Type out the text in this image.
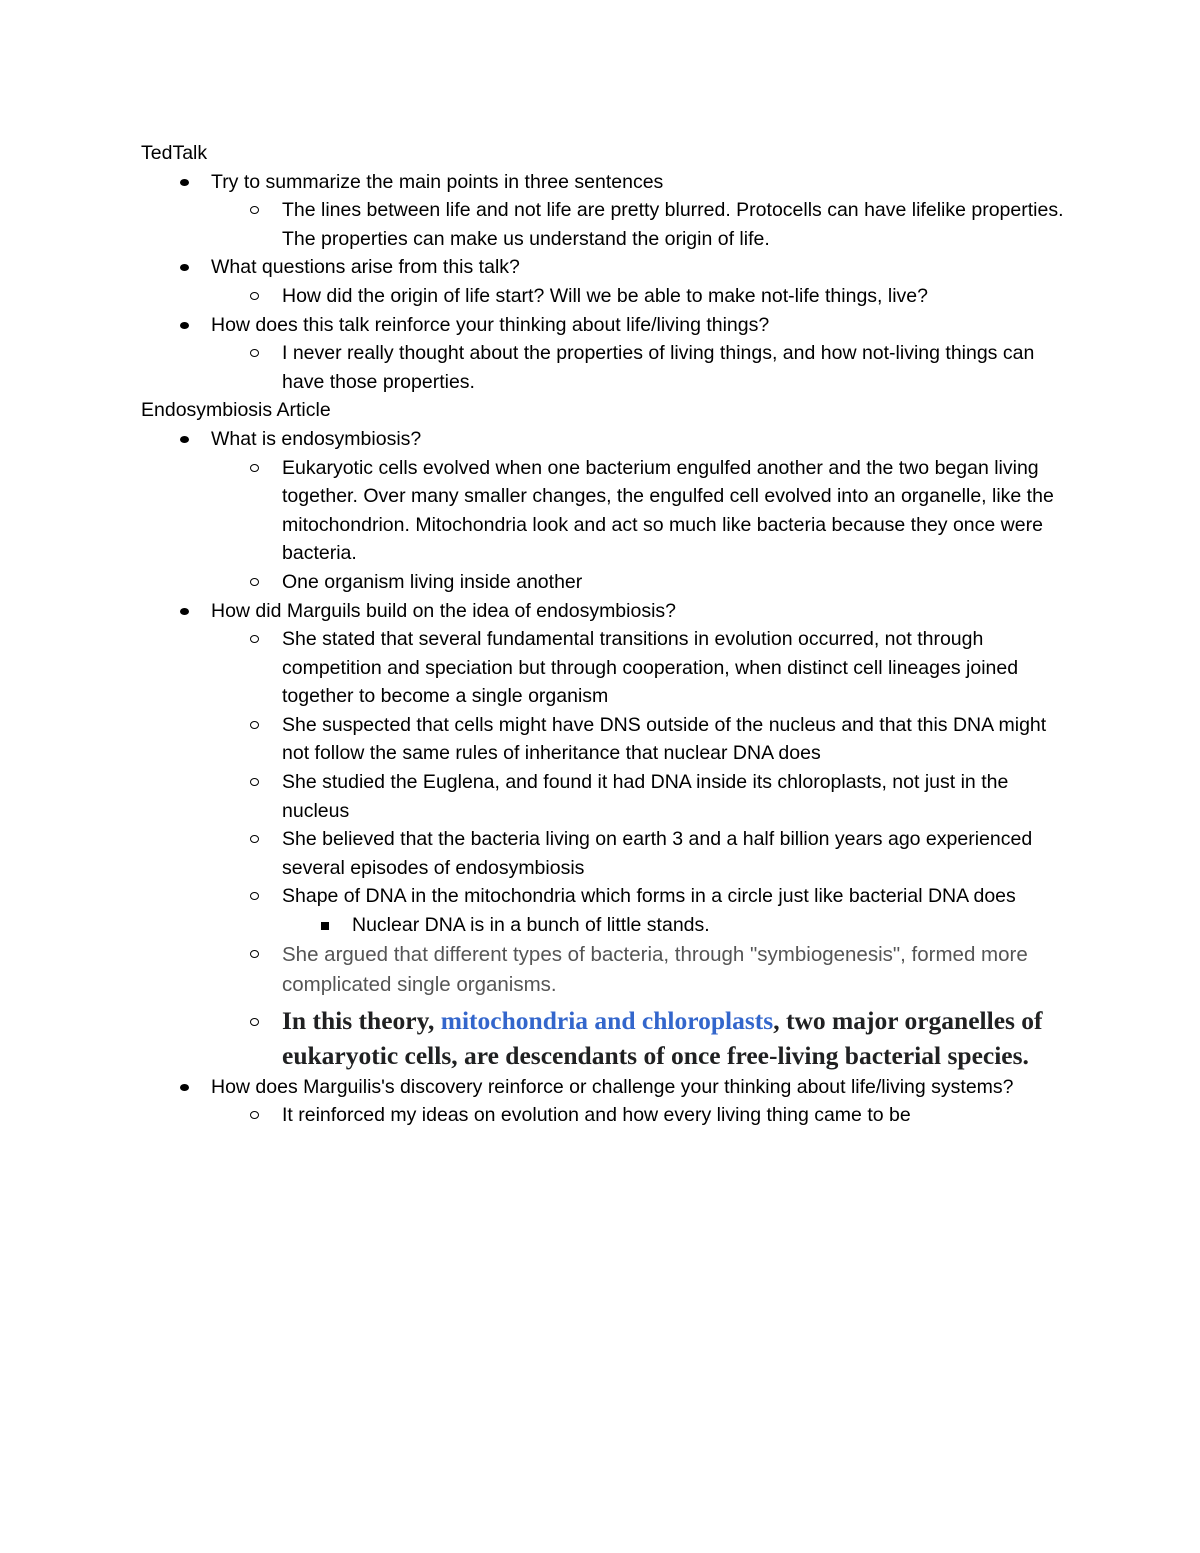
TedTalk

Try to summarize the main points in three sentences
The lines between life and not life are pretty blurred. Protocells can have lifelike properties. The properties can make us understand the origin of life.
What questions arise from this talk?
How did the origin of life start? Will we be able to make not-life things, live?
How does this talk reinforce your thinking about life/living things?
I never really thought about the properties of living things, and how not-living things can have those properties.

Endosymbiosis Article

What is endosymbiosis?
Eukaryotic cells evolved when one bacterium engulfed another and the two began living together. Over many smaller changes, the engulfed cell evolved into an organelle, like the mitochondrion. Mitochondria look and act so much like bacteria because they once were bacteria.
One organism living inside another
How did Marguils build on the idea of endosymbiosis?
She stated that several fundamental transitions in evolution occurred, not through competition and speciation but through cooperation, when distinct cell lineages joined together to become a single organism
She suspected that cells might have DNS outside of the nucleus and that this DNA might not follow the same rules of inheritance that nuclear DNA does
She studied the Euglena, and found it had DNA inside its chloroplasts, not just in the nucleus
She believed that the bacteria living on earth 3 and a half billion years ago experienced several episodes of endosymbiosis
Shape of DNA in the mitochondria which forms in a circle just like bacterial DNA does
Nuclear DNA is in a bunch of little stands.
She argued that different types of bacteria, through "symbiogenesis", formed more complicated single organisms.
In this theory, mitochondria and chloroplasts, two major organelles of eukaryotic cells, are descendants of once free-living bacterial species.
How does Marguilis's discovery reinforce or challenge your thinking about life/living systems?
It reinforced my ideas on evolution and how every living thing came to be
